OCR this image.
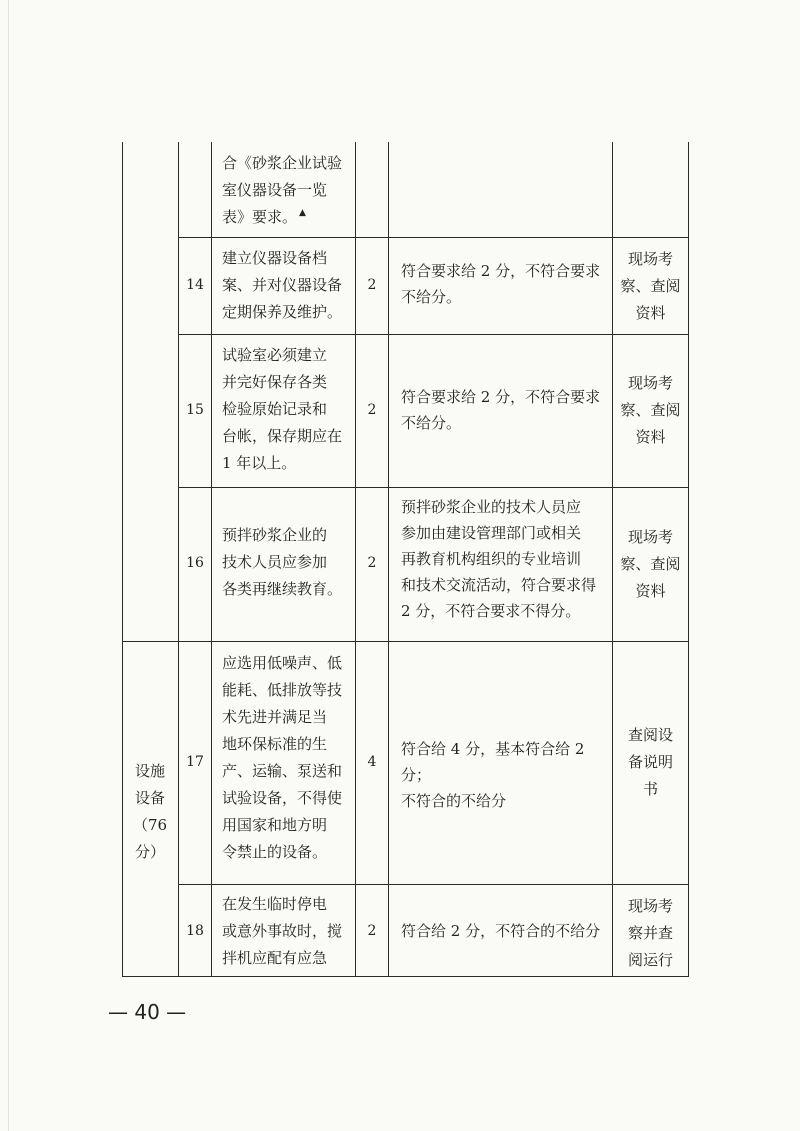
合《砂浆企业试验
室仪器设备一览
表》要求。 ▲
14
建立仪器设备档
案、并对仪器设备
定期保养及维护。
2
符合要求给 2 分，不符合要求
不给分。
现场考
察、查阅
资料
15
试验室必须建立
并完好保存各类
检验原始记录和
台帐，保存期应在
1 年以上。
2
符合要求给 2 分，不符合要求
不给分。
现场考
察、查阅
资料
16
预拌砂浆企业的
技术人员应参加
各类再继续教育。
2
预拌砂浆企业的技术人员应
参加由建设管理部门或相关
再教育机构组织的专业培训
和技术交流活动，符合要求得
2 分，不符合要求不得分。
现场考
察、查阅
资料
设施
设备
（76
分）
17
应选用低噪声、低
能耗、低排放等技
术先进并满足当
地环保标准的生
产、运输、泵送和
试验设备，不得使
用国家和地方明
令禁止的设备。
4
符合给 4 分，基本符合给 2 分；
不符合的不给分
查阅设
备说明
书
18
在发生临时停电
或意外事故时，搅
拌机应配有应急
2	符合给 2 分，不符合的不给分
现场考
察并查
阅运行
— 40 —
